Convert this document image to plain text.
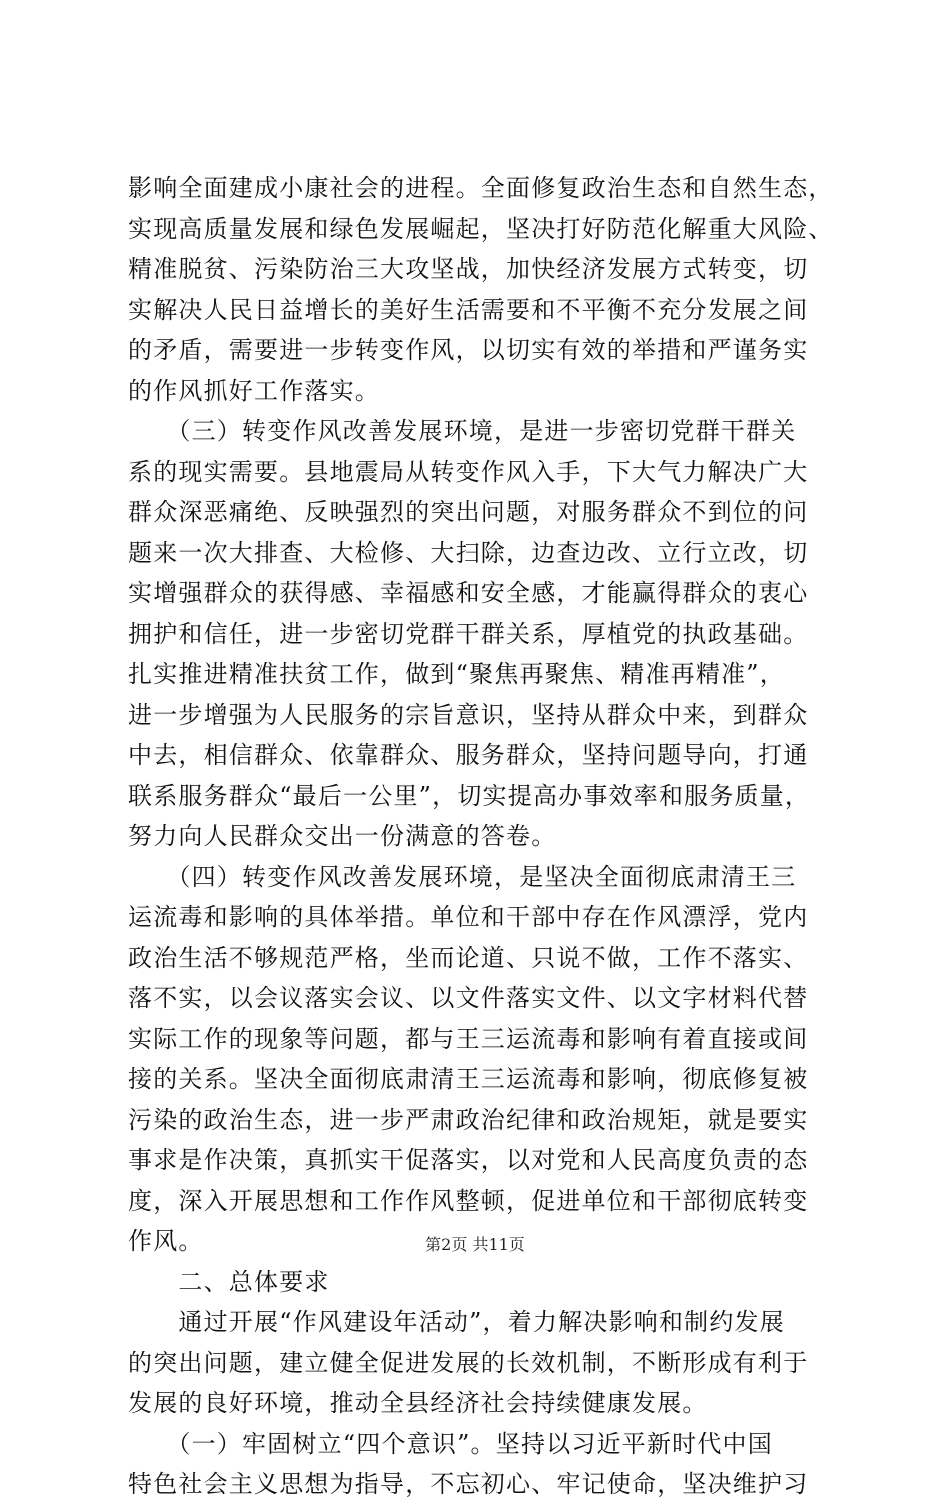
影响全面建成小康社会的进程。全面修复政治生态和自然生态，
实现高质量发展和绿色发展崛起，坚决打好防范化解重大风险、
精准脱贫、污染防治三大攻坚战，加快经济发展方式转变，切
实解决人民日益增长的美好生活需要和不平衡不充分发展之间
的矛盾，需要进一步转变作风，以切实有效的举措和严谨务实
的作风抓好工作落实。
　　（三）转变作风改善发展环境，是进一步密切党群干群关
系的现实需要。县地震局从转变作风入手，下大气力解决广大
群众深恶痛绝、反映强烈的突出问题，对服务群众不到位的问
题来一次大排查、大检修、大扫除，边查边改、立行立改，切
实增强群众的获得感、幸福感和安全感，才能赢得群众的衷心
拥护和信任，进一步密切党群干群关系，厚植党的执政基础。
扎实推进精准扶贫工作，做到“聚焦再聚焦、精准再精准”，
进一步增强为人民服务的宗旨意识，坚持从群众中来，到群众
中去，相信群众、依靠群众、服务群众，坚持问题导向，打通
联系服务群众“最后一公里”，切实提高办事效率和服务质量，
努力向人民群众交出一份满意的答卷。
　　（四）转变作风改善发展环境，是坚决全面彻底肃清王三
运流毒和影响的具体举措。单位和干部中存在作风漂浮，党内
政治生活不够规范严格，坐而论道、只说不做，工作不落实、
落不实，以会议落实会议、以文件落实文件、以文字材料代替
实际工作的现象等问题，都与王三运流毒和影响有着直接或间
接的关系。坚决全面彻底肃清王三运流毒和影响，彻底修复被
污染的政治生态，进一步严肃政治纪律和政治规矩，就是要实
事求是作决策，真抓实干促落实，以对党和人民高度负责的态
度，深入开展思想和工作作风整顿，促进单位和干部彻底转变
作风。
　　二、总体要求
　　通过开展“作风建设年活动”，着力解决影响和制约发展
的突出问题，建立健全促进发展的长效机制，不断形成有利于
发展的良好环境，推动全县经济社会持续健康发展。
　　（一）牢固树立“四个意识”。坚持以习近平新时代中国
特色社会主义思想为指导，不忘初心、牢记使命，坚决维护习
第2页 共11页
